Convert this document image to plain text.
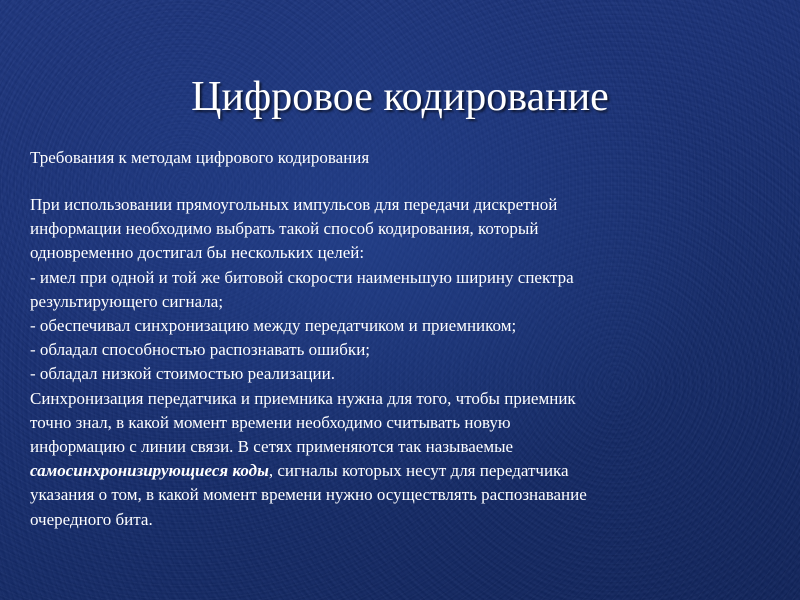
Цифровое кодирование

Требования к методам цифрового кодирования

При использовании прямоугольных импульсов для передачи дискретной
информации необходимо выбрать такой способ кодирования, который
одновременно достигал бы нескольких целей:
- имел при одной и той же битовой скорости наименьшую ширину спектра
результирующего сигнала;
- обеспечивал синхронизацию между передатчиком и приемником;
- обладал способностью распознавать ошибки;
- обладал низкой стоимостью реализации.
Синхронизация передатчика и приемника нужна для того, чтобы приемник
точно знал, в какой момент времени необходимо считывать новую
информацию с линии связи. В сетях применяются так называемые
самосинхронизирующиеся коды, сигналы которых несут для передатчика
указания о том, в какой момент времени нужно осуществлять распознавание
очередного бита.
